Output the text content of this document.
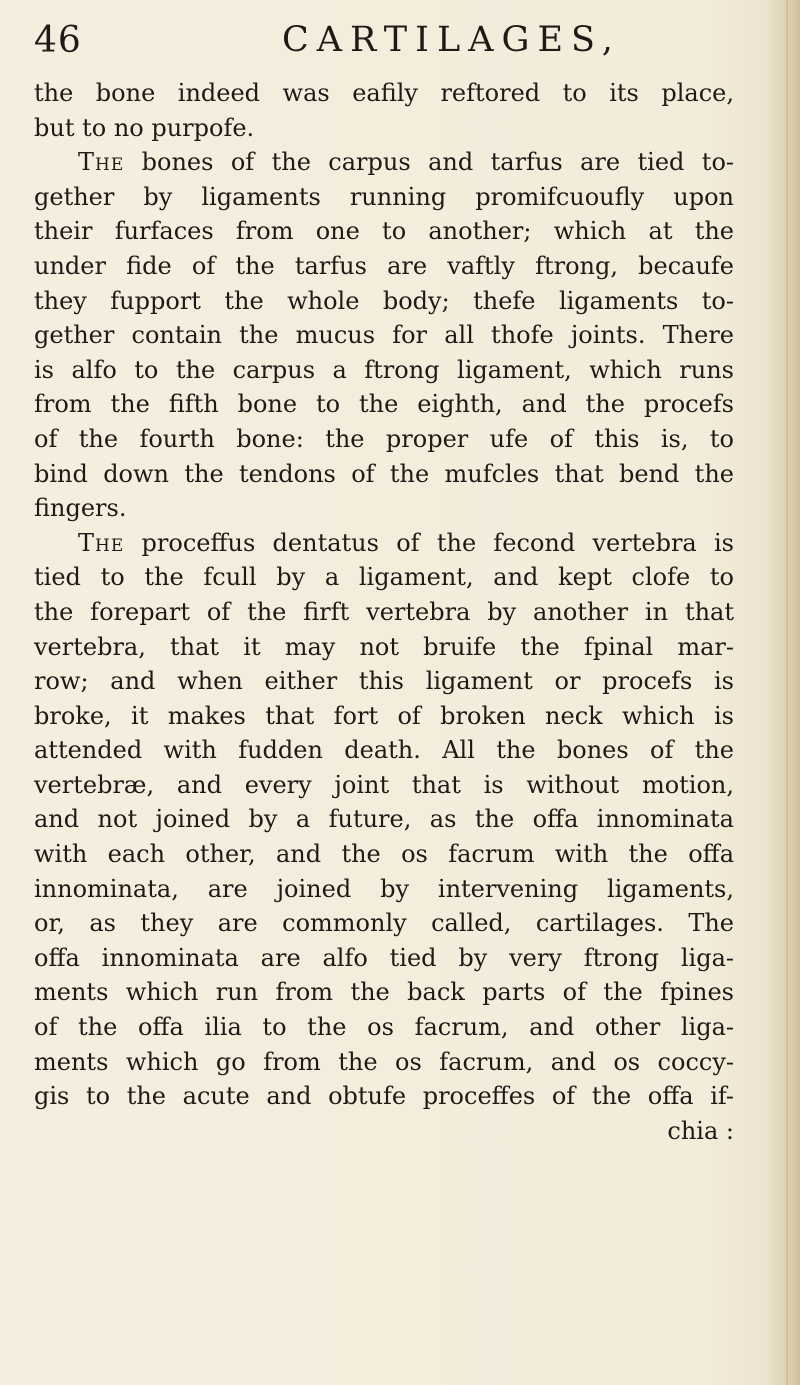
46	CARTILAGES,
the bone indeed was eafily reftored to its place,
but to no purpofe.
The bones of the carpus and tarfus are tied to-
gether by ligaments running promifcuoufly upon
their furfaces from one to another; which at the
under fide of the tarfus are vaftly ftrong, becaufe
they fupport the whole body; thefe ligaments to-
gether contain the mucus for all thofe joints. There
is alfo to the carpus a ftrong ligament, which runs
from the fifth bone to the eighth, and the procefs
of the fourth bone: the proper ufe of this is, to
bind down the tendons of the mufcles that bend the
fingers.
The proceffus dentatus of the fecond vertebra is
tied to the fcull by a ligament, and kept clofe to
the forepart of the firft vertebra by another in that
vertebra, that it may not bruife the fpinal mar-
row; and when either this ligament or procefs is
broke, it makes that fort of broken neck which is
attended with fudden death. All the bones of the
vertebræ, and every joint that is without motion,
and not joined by a future, as the offa innominata
with each other, and the os facrum with the offa
innominata, are joined by intervening ligaments,
or, as they are commonly called, cartilages. The
offa innominata are alfo tied by very ftrong liga-
ments which run from the back parts of the fpines
of the offa ilia to the os facrum, and other liga-
ments which go from the os facrum, and os coccy-
gis to the acute and obtufe proceffes of the offa if-
chia :
